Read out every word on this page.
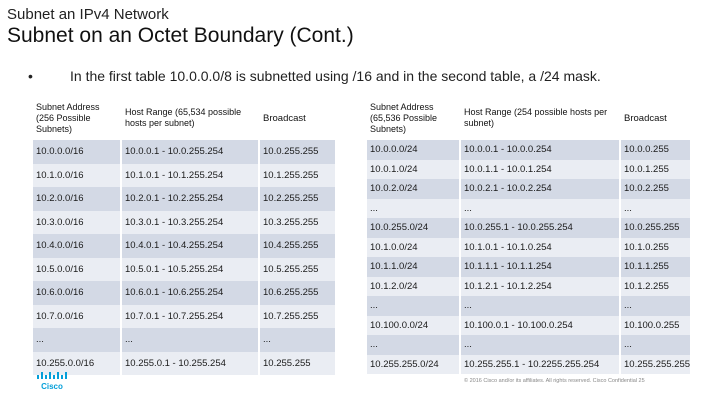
Subnet an IPv4 Network
Subnet on an Octet Boundary (Cont.)
•	In the first table 10.0.0.0/8 is subnetted using /16 and in the second table, a /24 mask.
Subnet Address (256 Possible Subnets)	Host Range (65,534 possible hosts per subnet)	Broadcast
10.0.0.0/16	10.0.0.1 - 10.0.255.254	10.0.255.255
10.1.0.0/16	10.1.0.1 - 10.1.255.254	10.1.255.255
10.2.0.0/16	10.2.0.1 - 10.2.255.254	10.2.255.255
10.3.0.0/16	10.3.0.1 - 10.3.255.254	10.3.255.255
10.4.0.0/16	10.4.0.1 - 10.4.255.254	10.4.255.255
10.5.0.0/16	10.5.0.1 - 10.5.255.254	10.5.255.255
10.6.0.0/16	10.6.0.1 - 10.6.255.254	10.6.255.255
10.7.0.0/16	10.7.0.1 - 10.7.255.254	10.7.255.255
...	...	...
10.255.0.0/16	10.255.0.1 - 10.255.254	10.255.255
Subnet Address (65,536 Possible Subnets)	Host Range (254 possible hosts per subnet)	Broadcast
10.0.0.0/24	10.0.0.1 - 10.0.0.254	10.0.0.255
10.0.1.0/24	10.0.1.1 - 10.0.1.254	10.0.1.255
10.0.2.0/24	10.0.2.1 - 10.0.2.254	10.0.2.255
...	...	...
10.0.255.0/24	10.0.255.1 - 10.0.255.254	10.0.255.255
10.1.0.0/24	10.1.0.1 - 10.1.0.254	10.1.0.255
10.1.1.0/24	10.1.1.1 - 10.1.1.254	10.1.1.255
10.1.2.0/24	10.1.2.1 - 10.1.2.254	10.1.2.255
...	...	...
10.100.0.0/24	10.100.0.1 - 10.100.0.254	10.100.0.255
...	...	...
10.255.255.0/24	10.255.255.1 - 10.2255.255.254	10.255.255.255
Cisco
© 2016 Cisco and/or its affiliates. All rights reserved. Cisco Confidential 25
